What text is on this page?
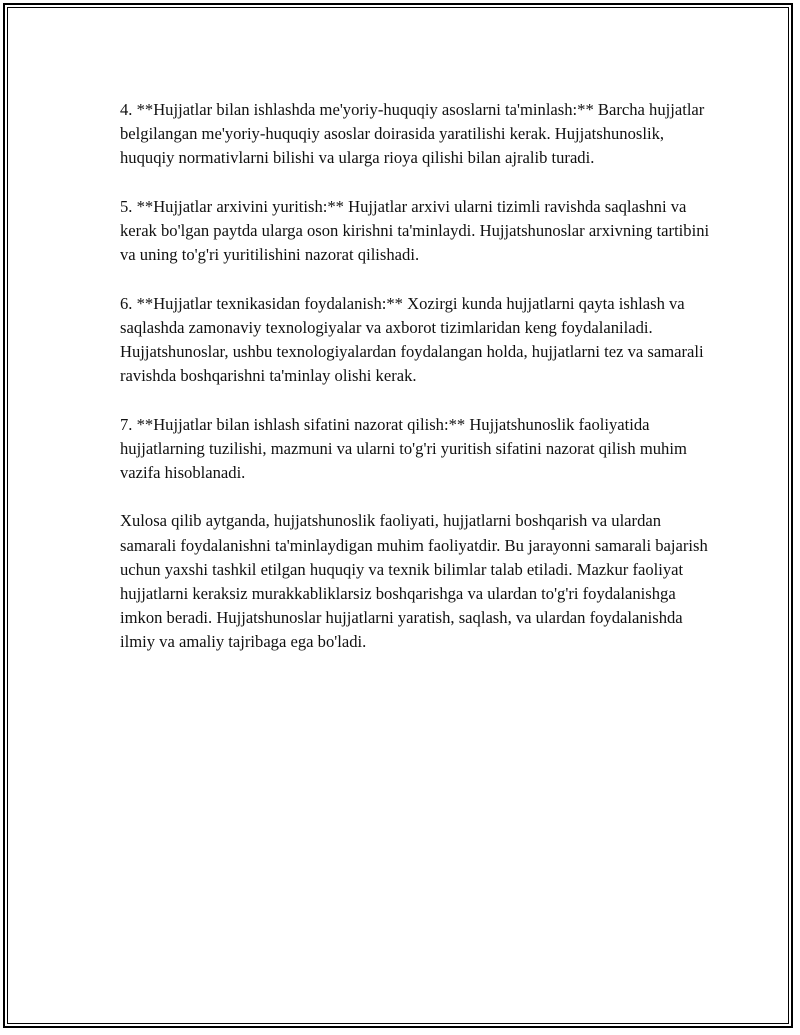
4. **Hujjatlar bilan ishlashda me'yoriy-huquqiy asoslarni ta'minlash:** Barcha hujjatlar belgilangan me'yoriy-huquqiy asoslar doirasida yaratilishi kerak. Hujjatshunoslik, huquqiy normativlarni bilishi va ularga rioya qilishi bilan ajralib turadi.

5. **Hujjatlar arxivini yuritish:** Hujjatlar arxivi ularni tizimli ravishda saqlashni va kerak bo'lgan paytda ularga oson kirishni ta'minlaydi. Hujjatshunoslar arxivning tartibini va uning to'g'ri yuritilishini nazorat qilishadi.

6. **Hujjatlar texnikasidan foydalanish:** Xozirgi kunda hujjatlarni qayta ishlash va saqlashda zamonaviy texnologiyalar va axborot tizimlaridan keng foydalaniladi. Hujjatshunoslar, ushbu texnologiyalardan foydalangan holda, hujjatlarni tez va samarali ravishda boshqarishni ta'minlay olishi kerak.

7. **Hujjatlar bilan ishlash sifatini nazorat qilish:** Hujjatshunoslik faoliyatida hujjatlarning tuzilishi, mazmuni va ularni to'g'ri yuritish sifatini nazorat qilish muhim vazifa hisoblanadi.

Xulosa qilib aytganda, hujjatshunoslik faoliyati, hujjatlarni boshqarish va ulardan samarali foydalanishni ta'minlaydigan muhim faoliyatdir. Bu jarayonni samarali bajarish uchun yaxshi tashkil etilgan huquqiy va texnik bilimlar talab etiladi. Mazkur faoliyat hujjatlarni keraksiz murakkabliklarsiz boshqarishga va ulardan to'g'ri foydalanishga imkon beradi. Hujjatshunoslar hujjatlarni yaratish, saqlash, va ulardan foydalanishda ilmiy va amaliy tajribaga ega bo'ladi.
